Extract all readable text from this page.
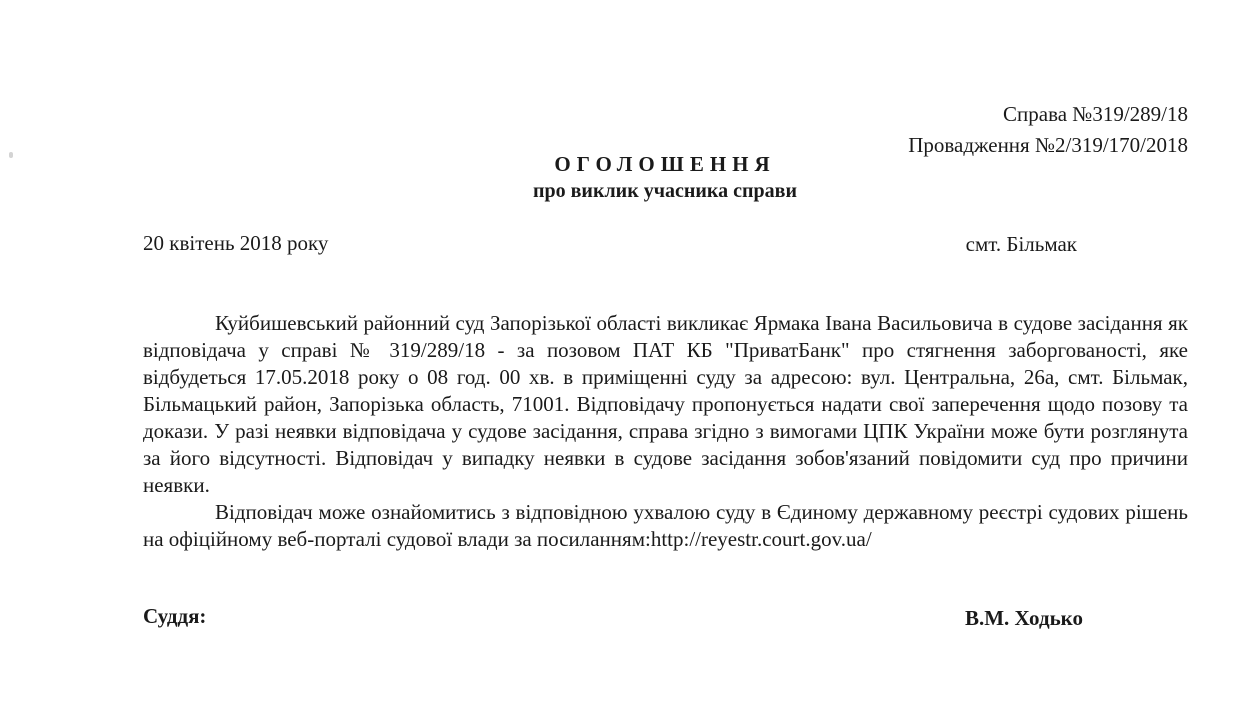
Справа №319/289/18
Провадження №2/319/170/2018
ОГОЛОШЕННЯ
про виклик учасника справи
20 квітень 2018 року	смт. Більмак

Куйбишевський районний суд Запорізької області викликає Ярмака Івана Васильовича в судове засідання як відповідача у справі № 319/289/18 - за позовом ПАТ КБ "ПриватБанк" про стягнення заборгованості, яке відбудеться 17.05.2018 року о 08 год. 00 хв. в приміщенні суду за адресою: вул. Центральна, 26а, смт. Більмак, Більмацький район, Запорізька область, 71001. Відповідачу пропонується надати свої заперечення щодо позову та докази. У разі неявки відповідача у судове засідання, справа згідно з вимогами ЦПК України може бути розглянута за його відсутності. Відповідач у випадку неявки в судове засідання зобов'язаний повідомити суд про причини неявки.

Відповідач може ознайомитись з відповідною ухвалою суду в Єдиному державному реєстрі судових рішень на офіційному веб-порталі судової влади за посиланням:http://reyestr.court.gov.ua/

Суддя:	В.М. Ходько
